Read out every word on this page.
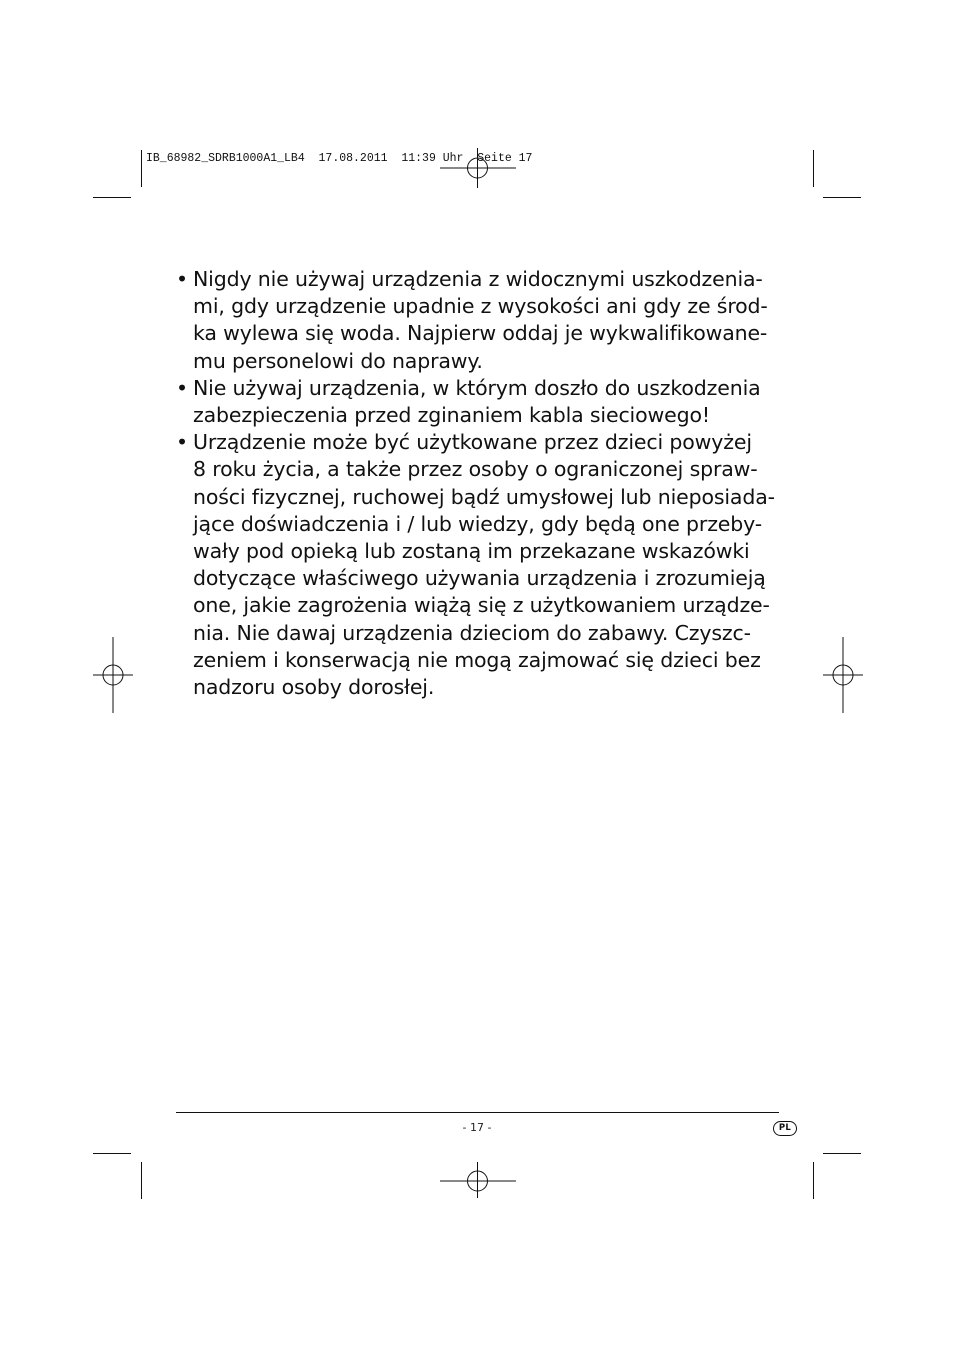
IB_68982_SDRB1000A1_LB4  17.08.2011  11:39 Uhr  Seite 17
• Nigdy nie używaj urządzenia z widocznymi uszkodzenia-
mi, gdy urządzenie upadnie z wysokości ani gdy ze środ-
ka wylewa się woda. Najpierw oddaj je wykwalifikowane-
mu personelowi do naprawy.
• Nie używaj urządzenia, w którym doszło do uszkodzenia
zabezpieczenia przed zginaniem kabla sieciowego!
• Urządzenie może być użytkowane przez dzieci powyżej
8 roku życia, a także przez osoby o ograniczonej spraw-
ności fizycznej, ruchowej bądź umysłowej lub nieposiada-
jące doświadczenia i / lub wiedzy, gdy będą one przeby-
wały pod opieką lub zostaną im przekazane wskazówki
dotyczące właściwego używania urządzenia i zrozumieją
one, jakie zagrożenia wiążą się z użytkowaniem urządze-
nia. Nie dawaj urządzenia dzieciom do zabawy. Czyszc-
zeniem i konserwacją nie mogą zajmować się dzieci bez
nadzoru osoby dorosłej.
- 17 -	PL
